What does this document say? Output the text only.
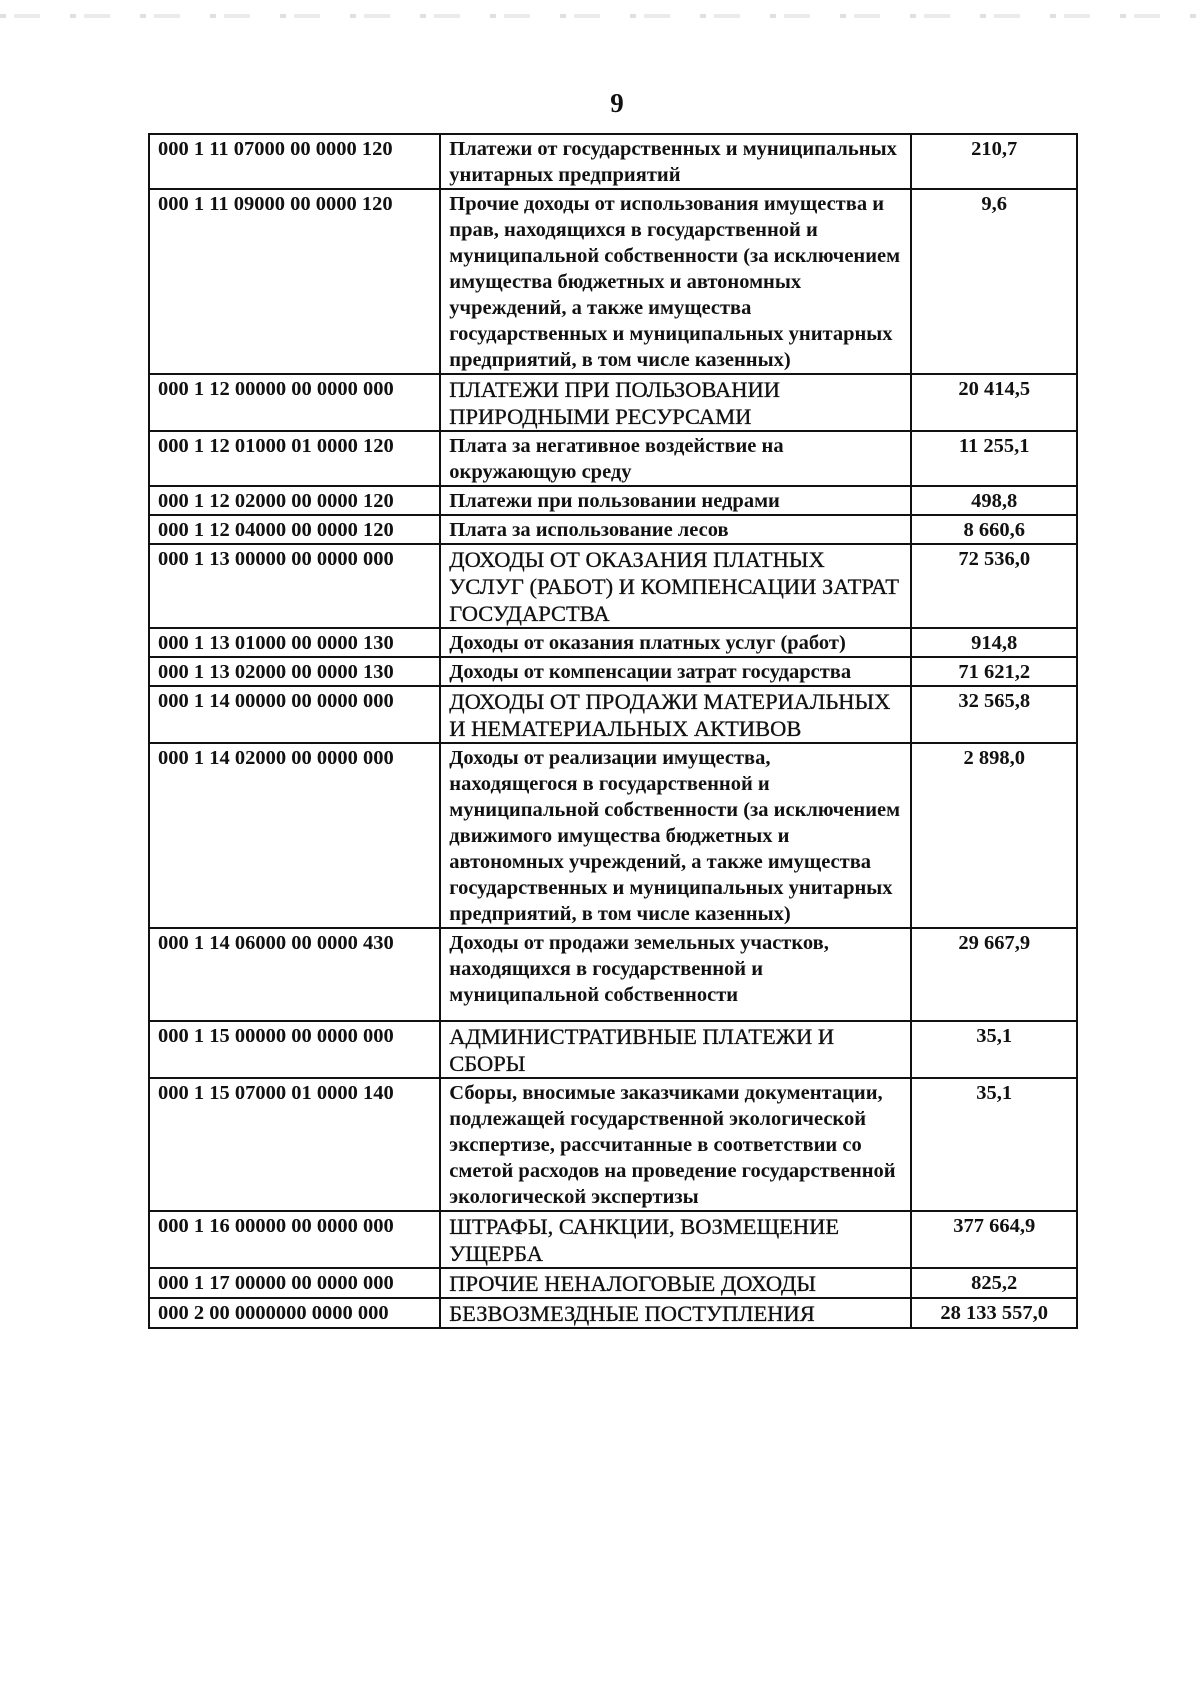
9
000 1 11 07000 00 0000 120	Платежи от государственных и муниципальных унитарных предприятий	210,7
000 1 11 09000 00 0000 120	Прочие доходы от использования имущества и прав, находящихся в государственной и муниципальной собственности (за исключением имущества бюджетных и автономных учреждений, а также имущества государственных и муниципальных унитарных предприятий, в том числе казенных)	9,6
000 1 12 00000 00 0000 000	ПЛАТЕЖИ ПРИ ПОЛЬЗОВАНИИ ПРИРОДНЫМИ РЕСУРСАМИ	20 414,5
000 1 12 01000 01 0000 120	Плата за негативное воздействие на окружающую среду	11 255,1
000 1 12 02000 00 0000 120	Платежи при пользовании недрами	498,8
000 1 12 04000 00 0000 120	Плата за использование лесов	8 660,6
000 1 13 00000 00 0000 000	ДОХОДЫ ОТ ОКАЗАНИЯ ПЛАТНЫХ УСЛУГ (РАБОТ) И КОМПЕНСАЦИИ ЗАТРАТ ГОСУДАРСТВА	72 536,0
000 1 13 01000 00 0000 130	Доходы от оказания платных услуг (работ)	914,8
000 1 13 02000 00 0000 130	Доходы от компенсации затрат государства	71 621,2
000 1 14 00000 00 0000 000	ДОХОДЫ ОТ ПРОДАЖИ МАТЕРИАЛЬНЫХ И НЕМАТЕРИАЛЬНЫХ АКТИВОВ	32 565,8
000 1 14 02000 00 0000 000	Доходы от реализации имущества, находящегося в государственной и муниципальной собственности (за исключением движимого имущества бюджетных и автономных учреждений, а также имущества государственных и муниципальных унитарных предприятий, в том числе казенных)	2 898,0
000 1 14 06000 00 0000 430	Доходы от продажи земельных участков, находящихся в государственной и муниципальной собственности	29 667,9
000 1 15 00000 00 0000 000	АДМИНИСТРАТИВНЫЕ ПЛАТЕЖИ И СБОРЫ	35,1
000 1 15 07000 01 0000 140	Сборы, вносимые заказчиками документации, подлежащей государственной экологической экспертизе, рассчитанные в соответствии со сметой расходов на проведение государственной экологической экспертизы	35,1
000 1 16 00000 00 0000 000	ШТРАФЫ, САНКЦИИ, ВОЗМЕЩЕНИЕ УЩЕРБА	377 664,9
000 1 17 00000 00 0000 000	ПРОЧИЕ НЕНАЛОГОВЫЕ ДОХОДЫ	825,2
000 2 00 0000000 0000 000	БЕЗВОЗМЕЗДНЫЕ ПОСТУПЛЕНИЯ	28 133 557,0
